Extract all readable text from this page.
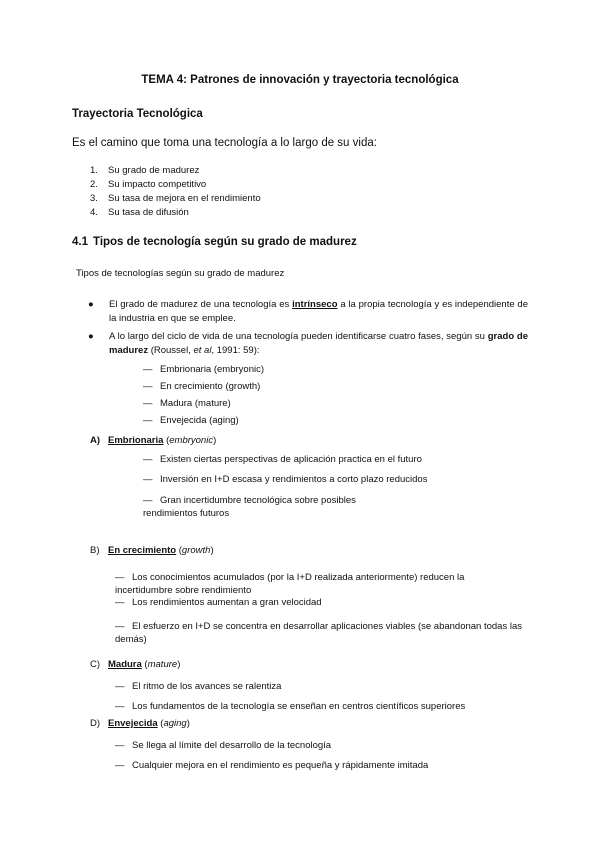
TEMA 4: Patrones de innovación y trayectoria tecnológica
Trayectoria Tecnológica
Es el camino que toma una tecnología a lo largo de su vida:
1. Su grado de madurez
2. Su impacto competitivo
3. Su tasa de mejora en el rendimiento
4. Su tasa de difusión
4.1 Tipos de tecnología según su grado de madurez
Tipos de tecnologías según su grado de madurez
● El grado de madurez de una tecnología es intrínseco a la propia tecnología y es independiente de la industria en que se emplee.
● A lo largo del ciclo de vida de una tecnología pueden identificarse cuatro fases, según su grado de madurez (Roussel, et al, 1991: 59):
— Embrionaria (embryonic)
— En crecimiento (growth)
— Madura (mature)
— Envejecida (aging)
A) Embrionaria (embryonic)
— Existen ciertas perspectivas de aplicación practica en el futuro
— Inversión en I+D escasa y rendimientos a corto plazo reducidos
— Gran incertidumbre tecnológica sobre posibles rendimientos futuros
B) En crecimiento (growth)
— Los conocimientos acumulados (por la I+D realizada anteriormente) reducen la incertidumbre sobre rendimiento
— Los rendimientos aumentan a gran velocidad
— El esfuerzo en I+D se concentra en desarrollar aplicaciones viables (se abandonan todas las demás)
C) Madura (mature)
— El ritmo de los avances se ralentiza
— Los fundamentos de la tecnología se enseñan en centros científicos superiores
D) Envejecida (aging)
— Se llega al límite del desarrollo de la tecnología
— Cualquier mejora en el rendimiento es pequeña y rápidamente imitada
